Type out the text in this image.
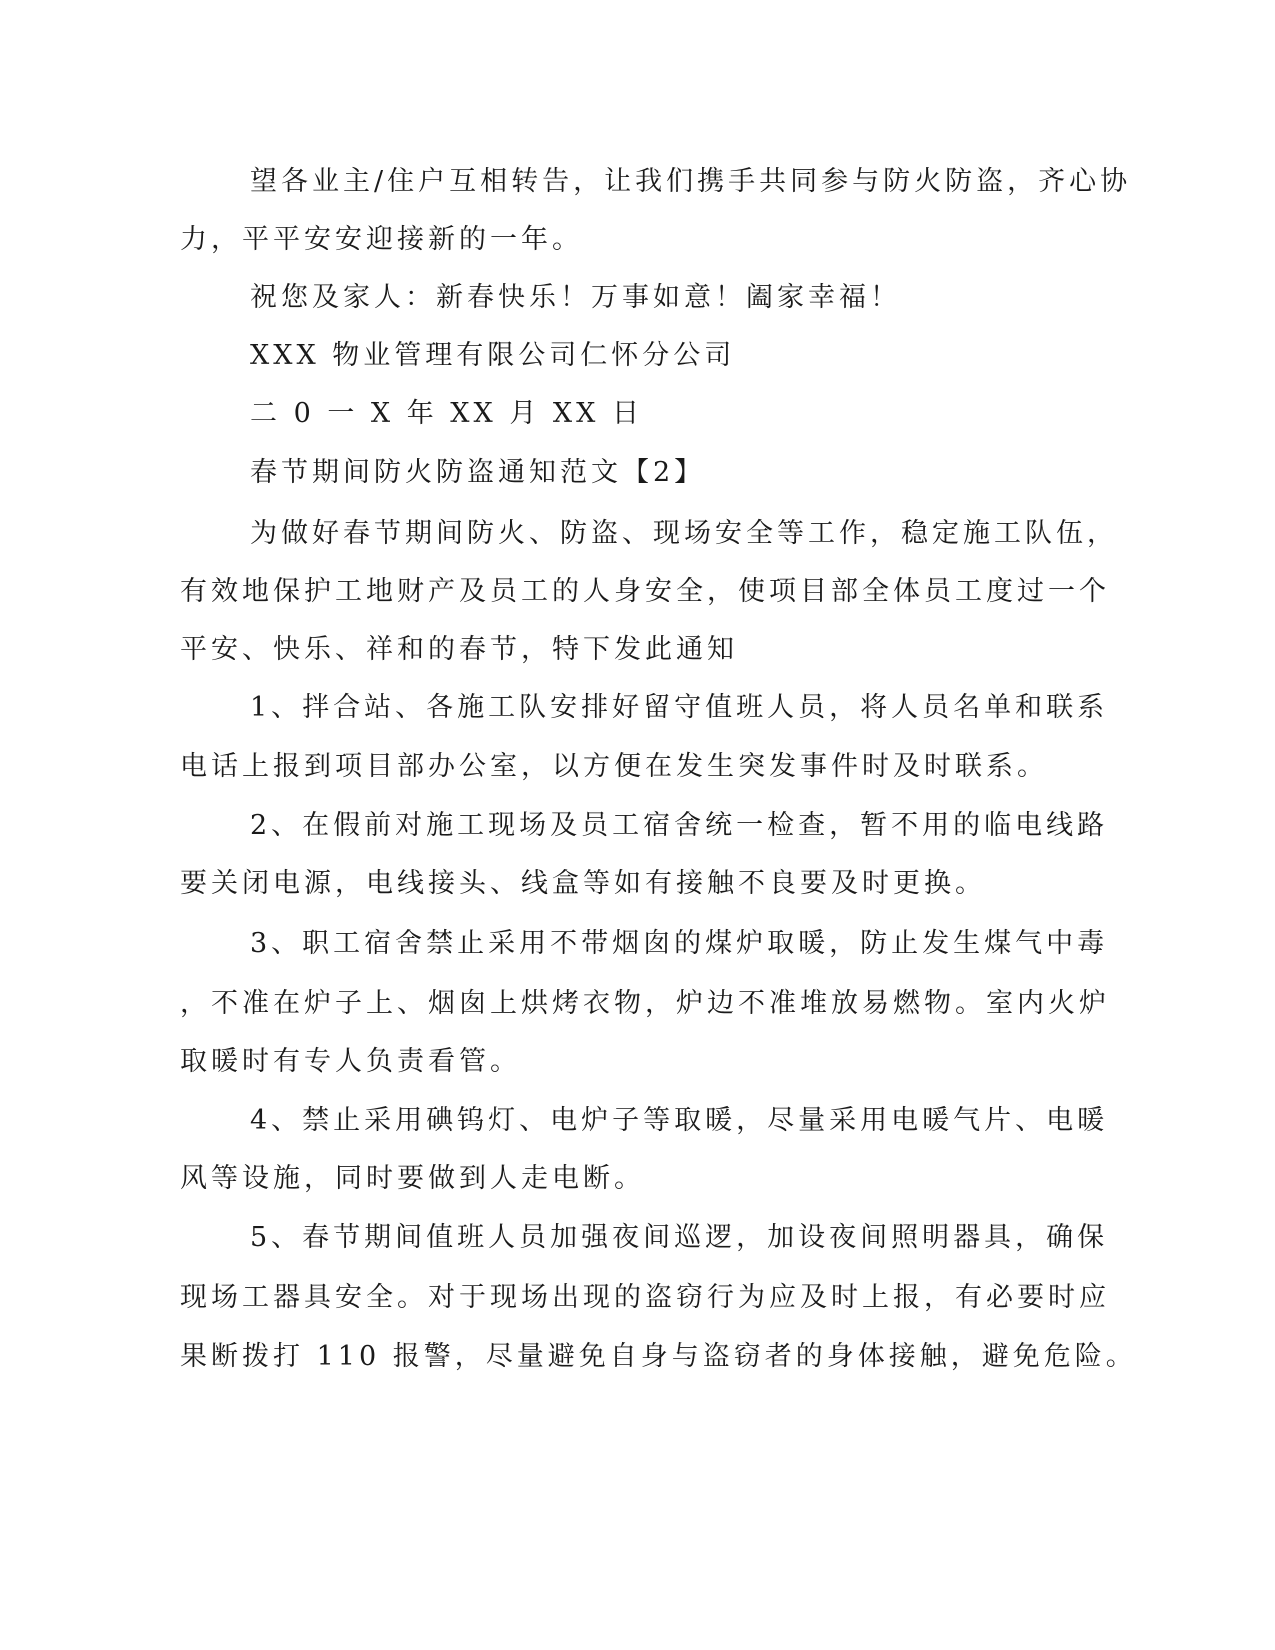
望各业主/住户互相转告，让我们携手共同参与防火防盗，齐心协
力，平平安安迎接新的一年。
祝您及家人：新春快乐！万事如意！阖家幸福！
XXX 物业管理有限公司仁怀分公司
二 0 一 X 年 XX 月 XX 日
春节期间防火防盗通知范文【2】
为做好春节期间防火、防盗、现场安全等工作，稳定施工队伍，
有效地保护工地财产及员工的人身安全，使项目部全体员工度过一个
平安、快乐、祥和的春节，特下发此通知
1、拌合站、各施工队安排好留守值班人员，将人员名单和联系
电话上报到项目部办公室，以方便在发生突发事件时及时联系。
2、在假前对施工现场及员工宿舍统一检查，暂不用的临电线路
要关闭电源，电线接头、线盒等如有接触不良要及时更换。
3、职工宿舍禁止采用不带烟囱的煤炉取暖，防止发生煤气中毒
，不准在炉子上、烟囱上烘烤衣物，炉边不准堆放易燃物。室内火炉
取暖时有专人负责看管。
4、禁止采用碘钨灯、电炉子等取暖，尽量采用电暖气片、电暖
风等设施，同时要做到人走电断。
5、春节期间值班人员加强夜间巡逻，加设夜间照明器具，确保
现场工器具安全。对于现场出现的盗窃行为应及时上报，有必要时应
果断拨打 110 报警，尽量避免自身与盗窃者的身体接触，避免危险。
